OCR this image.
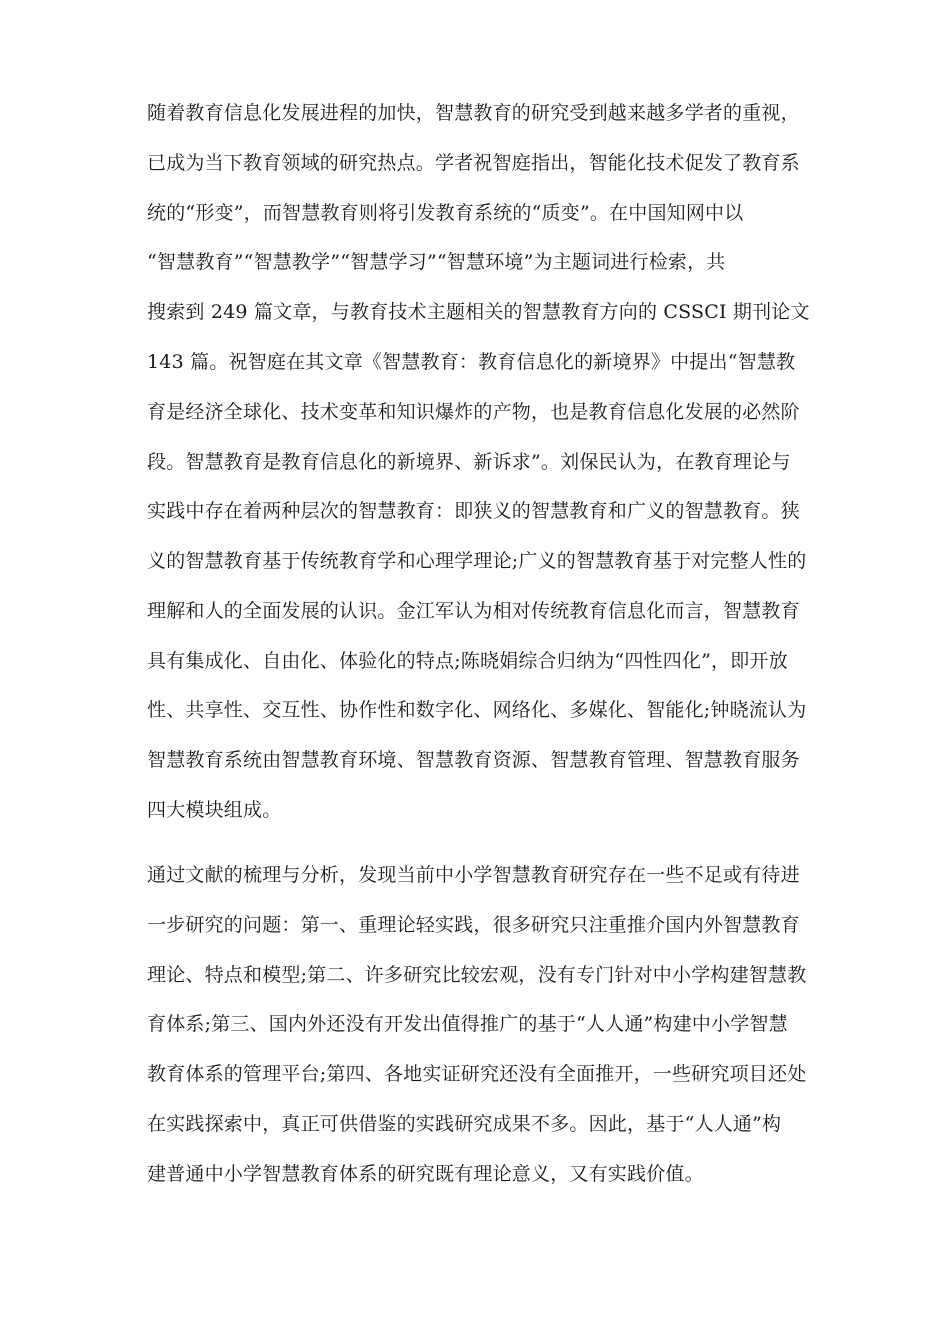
随着教育信息化发展进程的加快，智慧教育的研究受到越来越多学者的重视，
已成为当下教育领域的研究热点。学者祝智庭指出，智能化技术促发了教育系
统的“形变”，而智慧教育则将引发教育系统的“质变”。在中国知网中以
“智慧教育”“智慧教学”“智慧学习”“智慧环境”为主题词进行检索，共
搜索到 249 篇文章，与教育技术主题相关的智慧教育方向的 CSSCI 期刊论文
143 篇。祝智庭在其文章《智慧教育：教育信息化的新境界》中提出“智慧教
育是经济全球化、技术变革和知识爆炸的产物，也是教育信息化发展的必然阶
段。智慧教育是教育信息化的新境界、新诉求”。刘保民认为，在教育理论与
实践中存在着两种层次的智慧教育：即狭义的智慧教育和广义的智慧教育。狭
义的智慧教育基于传统教育学和心理学理论;广义的智慧教育基于对完整人性的
理解和人的全面发展的认识。金江军认为相对传统教育信息化而言，智慧教育
具有集成化、自由化、体验化的特点;陈晓娟综合归纳为“四性四化”，即开放
性、共享性、交互性、协作性和数字化、网络化、多媒化、智能化;钟晓流认为
智慧教育系统由智慧教育环境、智慧教育资源、智慧教育管理、智慧教育服务
四大模块组成。
通过文献的梳理与分析，发现当前中小学智慧教育研究存在一些不足或有待进
一步研究的问题：第一、重理论轻实践，很多研究只注重推介国内外智慧教育
理论、特点和模型;第二、许多研究比较宏观，没有专门针对中小学构建智慧教
育体系;第三、国内外还没有开发出值得推广的基于“人人通”构建中小学智慧
教育体系的管理平台;第四、各地实证研究还没有全面推开，一些研究项目还处
在实践探索中，真正可供借鉴的实践研究成果不多。因此，基于“人人通”构
建普通中小学智慧教育体系的研究既有理论意义，又有实践价值。
